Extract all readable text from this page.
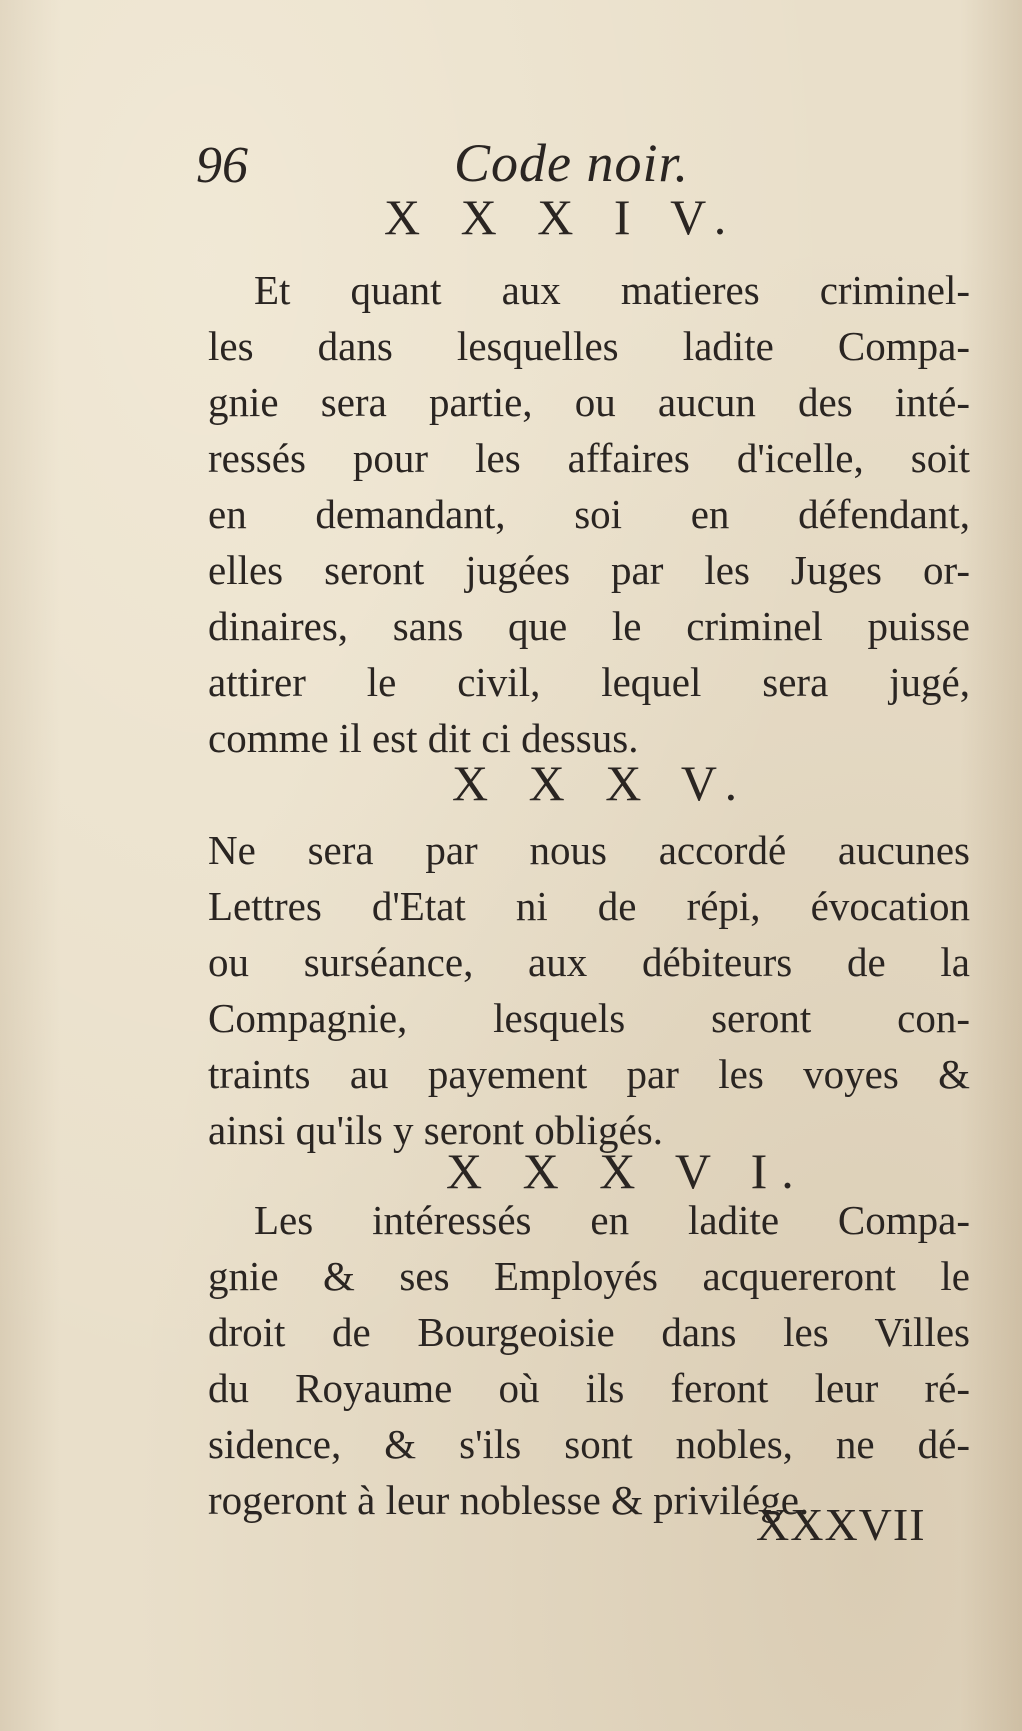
96	Code noir.
X X X I V.
Et quant aux matieres criminel-
les dans lesquelles ladite Compa-
gnie sera partie, ou aucun des inté-
ressés pour les affaires d'icelle, soit
en demandant, soi en défendant,
elles seront jugées par les Juges or-
dinaires, sans que le criminel puisse
attirer le civil, lequel sera jugé,
comme il est dit ci dessus.
X X X V.
Ne sera par nous accordé aucunes
Lettres d'Etat ni de répi, évocation
ou surséance, aux débiteurs de la
Compagnie, lesquels seront con-
traints au payement par les voyes &
ainsi qu'ils y seront obligés.
X X X V I.
Les intéressés en ladite Compa-
gnie & ses Employés acquereront le
droit de Bourgeoisie dans les Villes
du Royaume où ils feront leur ré-
sidence, & s'ils sont nobles, ne dé-
rogeront à leur noblesse & privilége.
XXXVII
